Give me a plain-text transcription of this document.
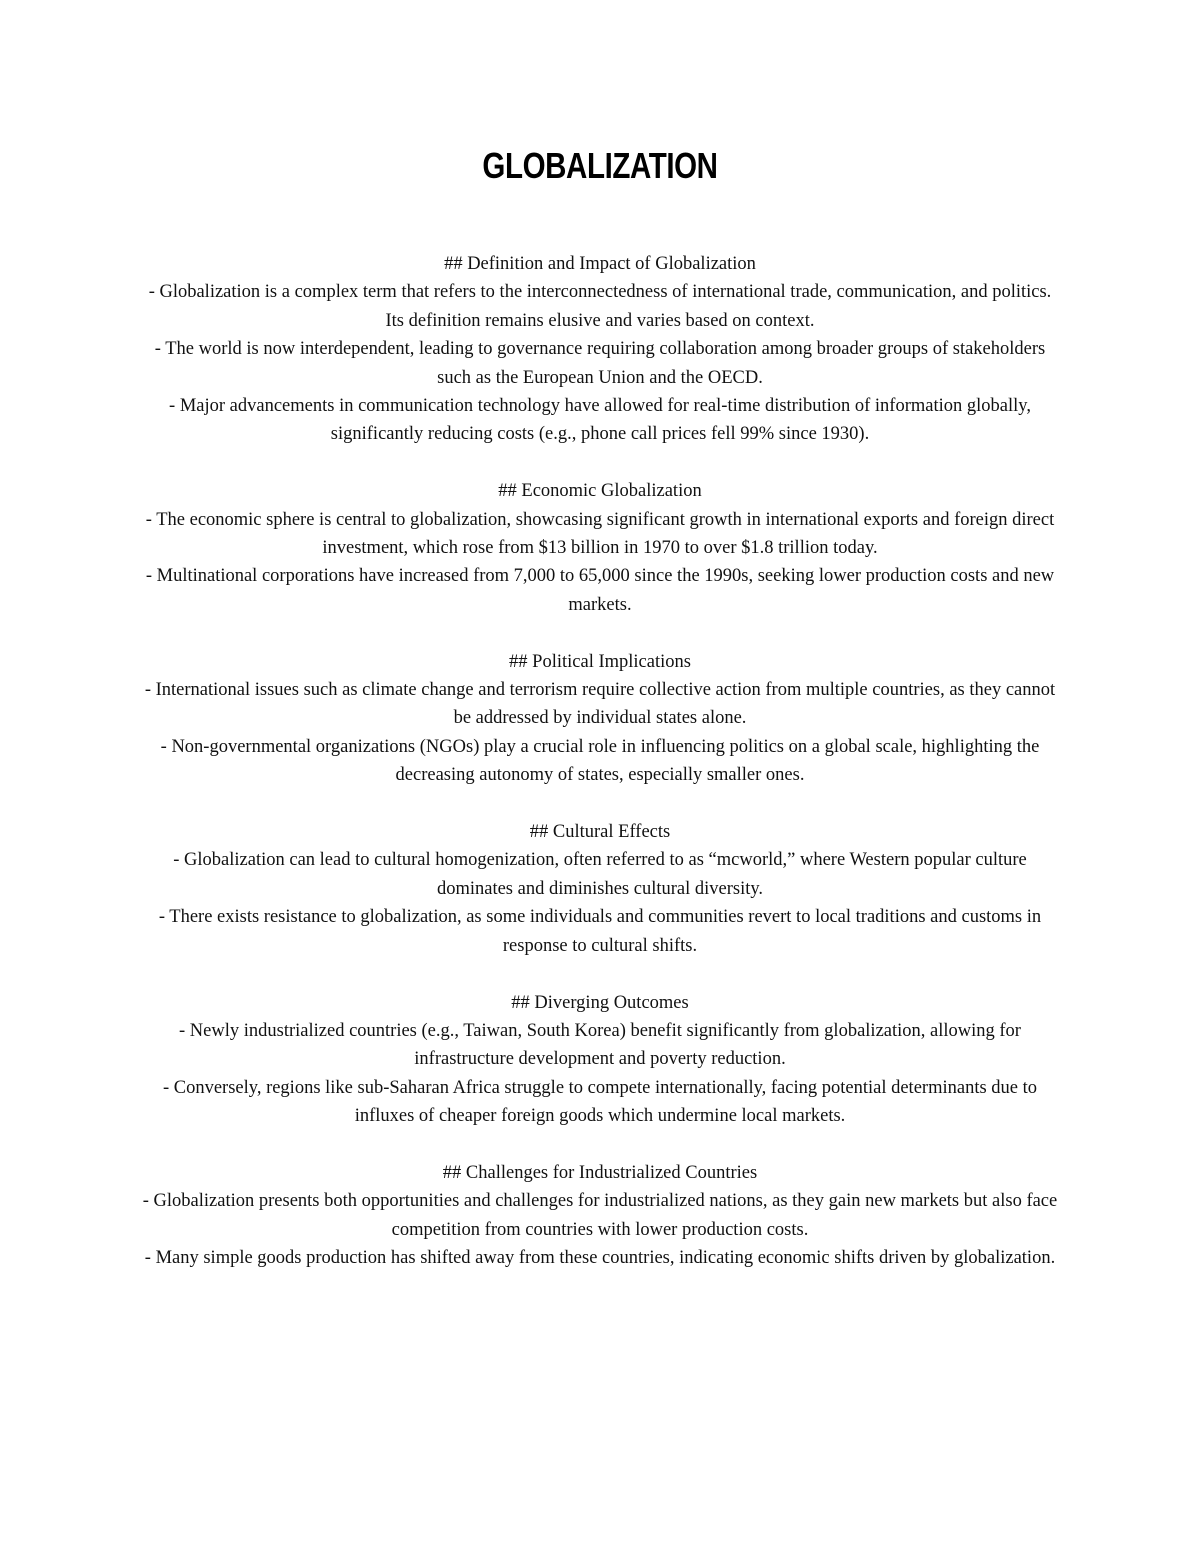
GLOBALIZATION
## Definition and Impact of Globalization
- Globalization is a complex term that refers to the interconnectedness of international trade, communication, and politics. Its definition remains elusive and varies based on context.
- The world is now interdependent, leading to governance requiring collaboration among broader groups of stakeholders such as the European Union and the OECD.
- Major advancements in communication technology have allowed for real-time distribution of information globally, significantly reducing costs (e.g., phone call prices fell 99% since 1930).
## Economic Globalization
- The economic sphere is central to globalization, showcasing significant growth in international exports and foreign direct investment, which rose from $13 billion in 1970 to over $1.8 trillion today.
- Multinational corporations have increased from 7,000 to 65,000 since the 1990s, seeking lower production costs and new markets.
## Political Implications
- International issues such as climate change and terrorism require collective action from multiple countries, as they cannot be addressed by individual states alone.
- Non-governmental organizations (NGOs) play a crucial role in influencing politics on a global scale, highlighting the decreasing autonomy of states, especially smaller ones.
## Cultural Effects
- Globalization can lead to cultural homogenization, often referred to as “mcworld,” where Western popular culture dominates and diminishes cultural diversity.
- There exists resistance to globalization, as some individuals and communities revert to local traditions and customs in response to cultural shifts.
## Diverging Outcomes
- Newly industrialized countries (e.g., Taiwan, South Korea) benefit significantly from globalization, allowing for infrastructure development and poverty reduction.
- Conversely, regions like sub-Saharan Africa struggle to compete internationally, facing potential determinants due to influxes of cheaper foreign goods which undermine local markets.
## Challenges for Industrialized Countries
- Globalization presents both opportunities and challenges for industrialized nations, as they gain new markets but also face competition from countries with lower production costs.
- Many simple goods production has shifted away from these countries, indicating economic shifts driven by globalization.
